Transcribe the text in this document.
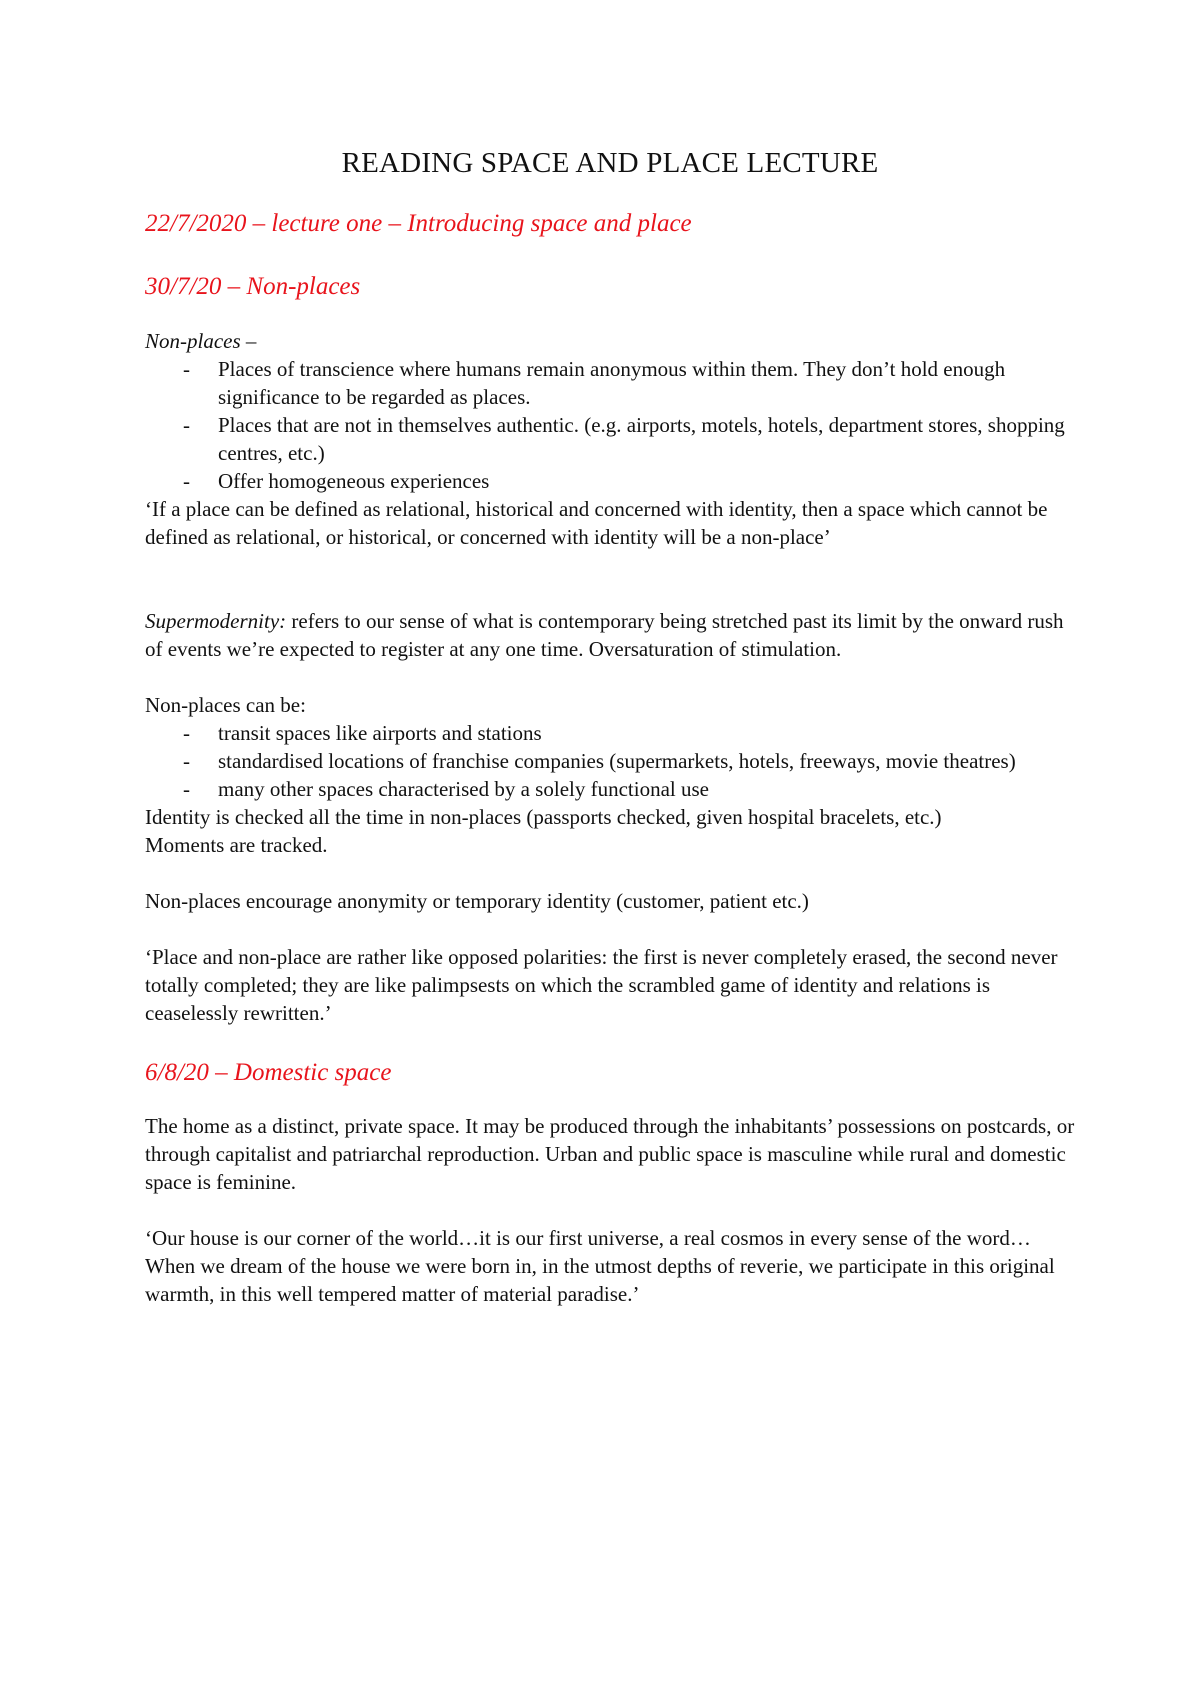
READING SPACE AND PLACE LECTURE
22/7/2020 – lecture one – Introducing space and place
30/7/20 – Non-places

Non-places –

- Places of transcience where humans remain anonymous within them. They don’t hold enough significance to be regarded as places.
- Places that are not in themselves authentic. (e.g. airports, motels, hotels, department stores, shopping centres, etc.)
- Offer homogeneous experiences

‘If a place can be defined as relational, historical and concerned with identity, then a space which cannot be defined as relational, or historical, or concerned with identity will be a non-place’

Supermodernity: refers to our sense of what is contemporary being stretched past its limit by the onward rush of events we’re expected to register at any one time. Oversaturation of stimulation.

Non-places can be:

- transit spaces like airports and stations
- standardised locations of franchise companies (supermarkets, hotels, freeways, movie theatres)
- many other spaces characterised by a solely functional use

Identity is checked all the time in non-places (passports checked, given hospital bracelets, etc.)

Moments are tracked.

Non-places encourage anonymity or temporary identity (customer, patient etc.)

‘Place and non-place are rather like opposed polarities: the first is never completely erased, the second never totally completed; they are like palimpsests on which the scrambled game of identity and relations is ceaselessly rewritten.’

6/8/20 – Domestic space

The home as a distinct, private space. It may be produced through the inhabitants’ possessions on postcards, or through capitalist and patriarchal reproduction. Urban and public space is masculine while rural and domestic space is feminine.

‘Our house is our corner of the world…it is our first universe, a real cosmos in every sense of the word…When we dream of the house we were born in, in the utmost depths of reverie, we participate in this original warmth, in this well tempered matter of material paradise.’
